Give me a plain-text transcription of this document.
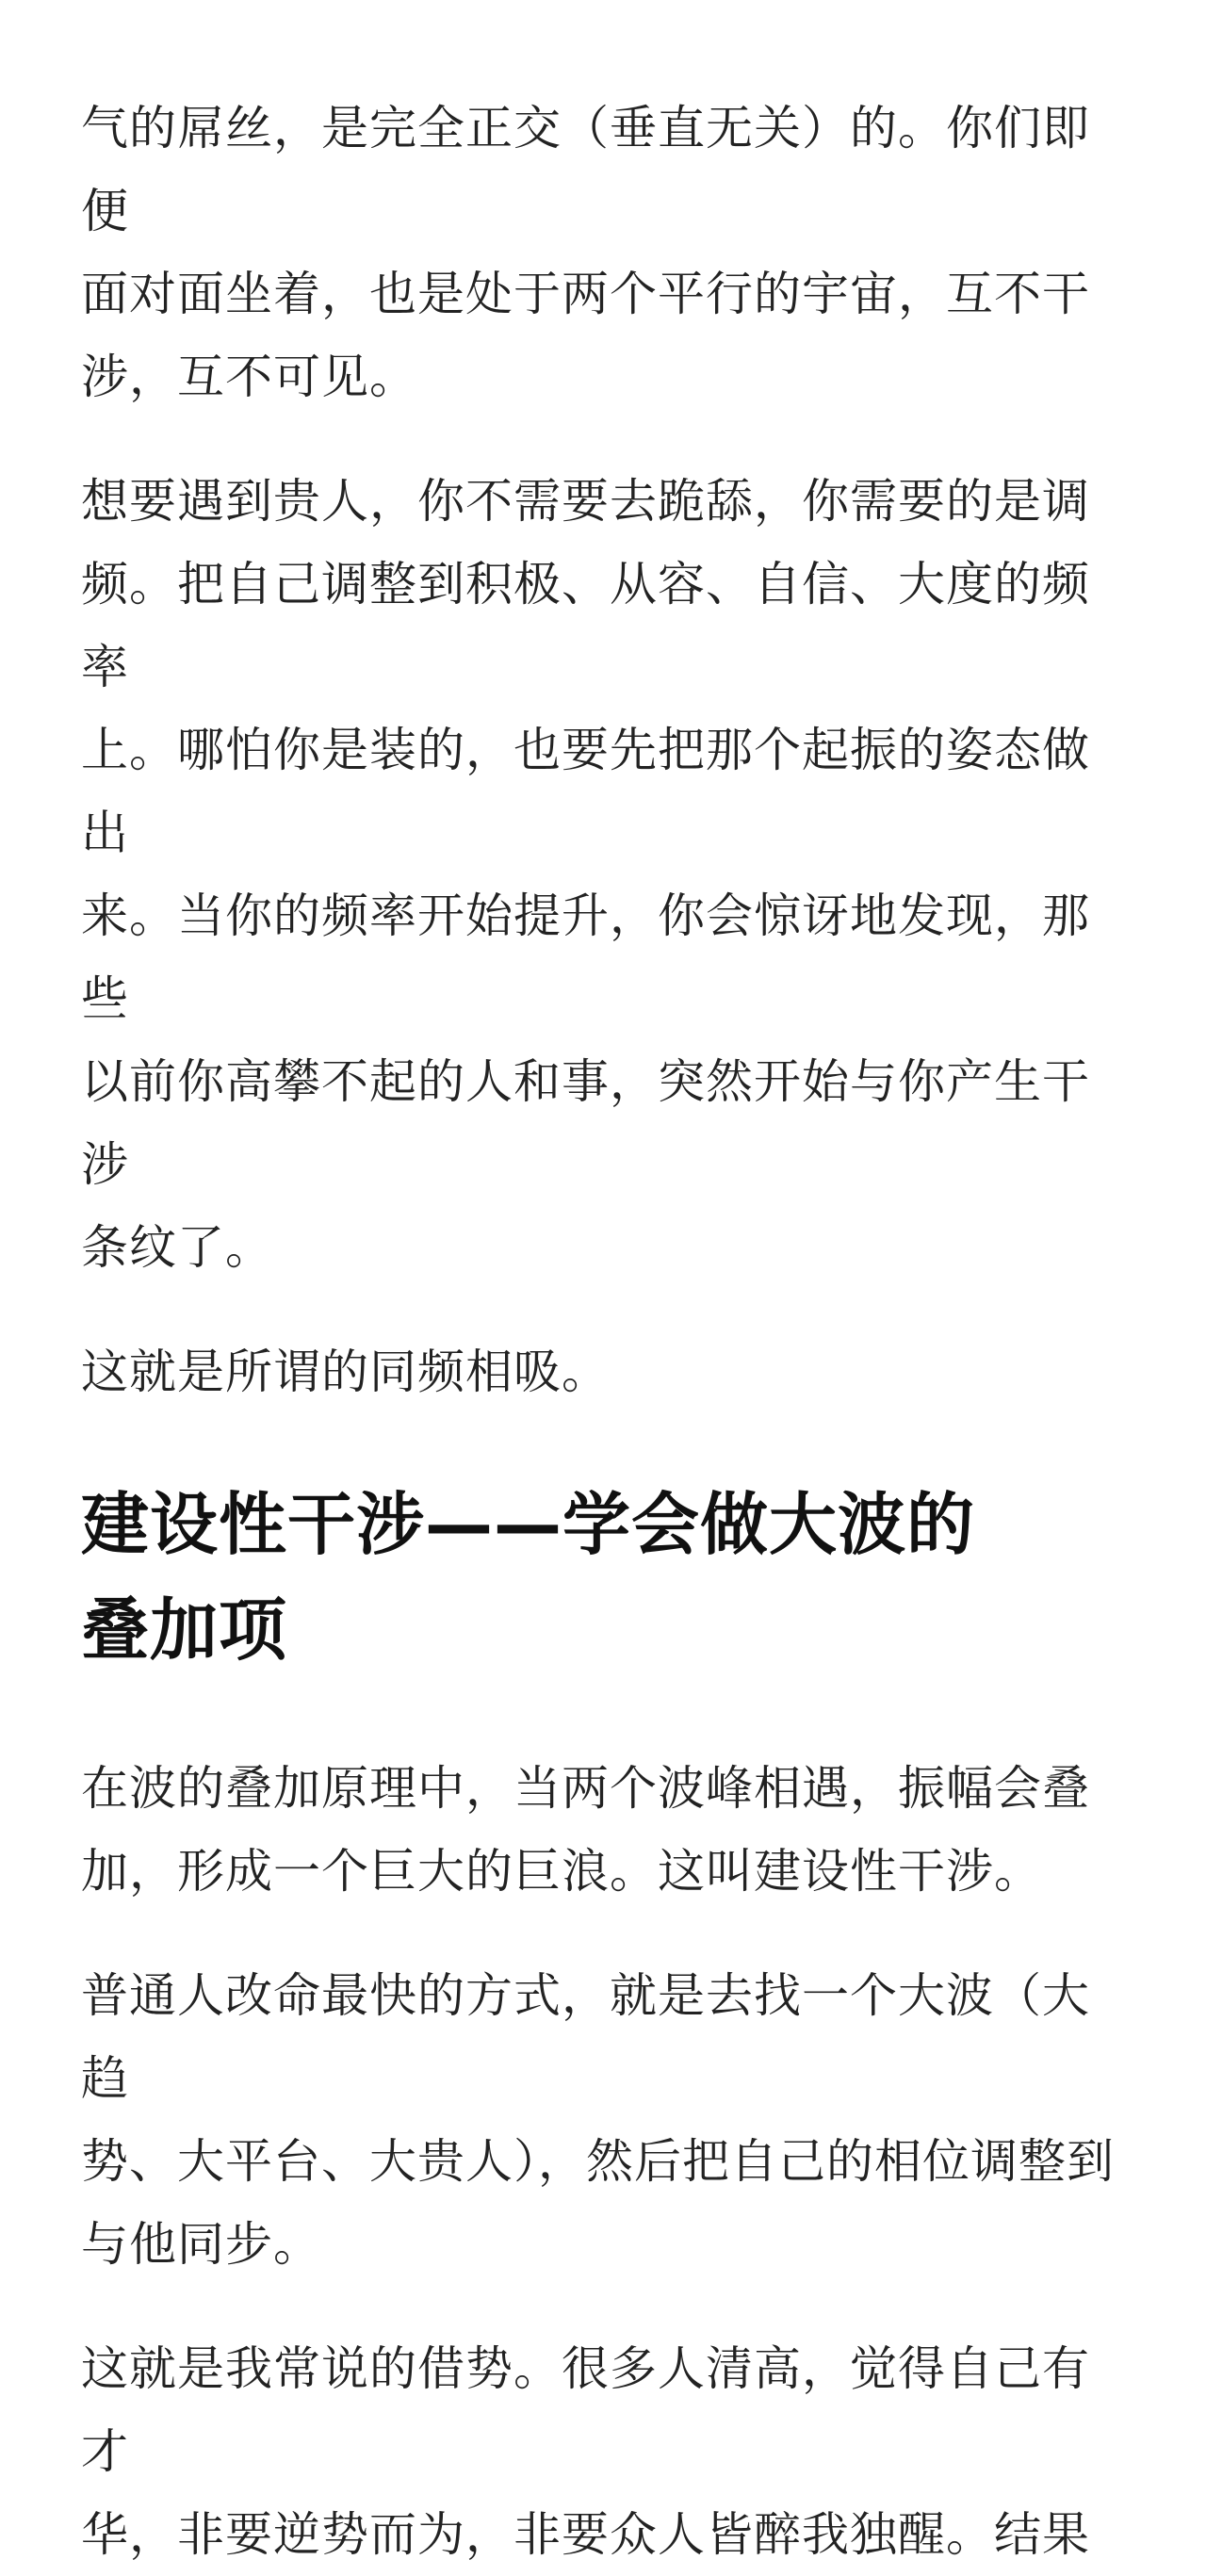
气的屌丝，是完全正交（垂直无关）的。你们即便
面对面坐着，也是处于两个平行的宇宙，互不干
涉，互不可见。

想要遇到贵人，你不需要去跪舔，你需要的是调
频。把自己调整到积极、从容、自信、大度的频率
上。哪怕你是装的，也要先把那个起振的姿态做出
来。当你的频率开始提升，你会惊讶地发现，那些
以前你高攀不起的人和事，突然开始与你产生干涉
条纹了。

这就是所谓的同频相吸。

建设性干涉——学会做大波的
叠加项

在波的叠加原理中，当两个波峰相遇，振幅会叠
加，形成一个巨大的巨浪。这叫建设性干涉。

普通人改命最快的方式，就是去找一个大波（大趋
势、大平台、大贵人），然后把自己的相位调整到
与他同步。

这就是我常说的借势。很多人清高，觉得自己有才
华，非要逆势而为，非要众人皆醉我独醒。结果
